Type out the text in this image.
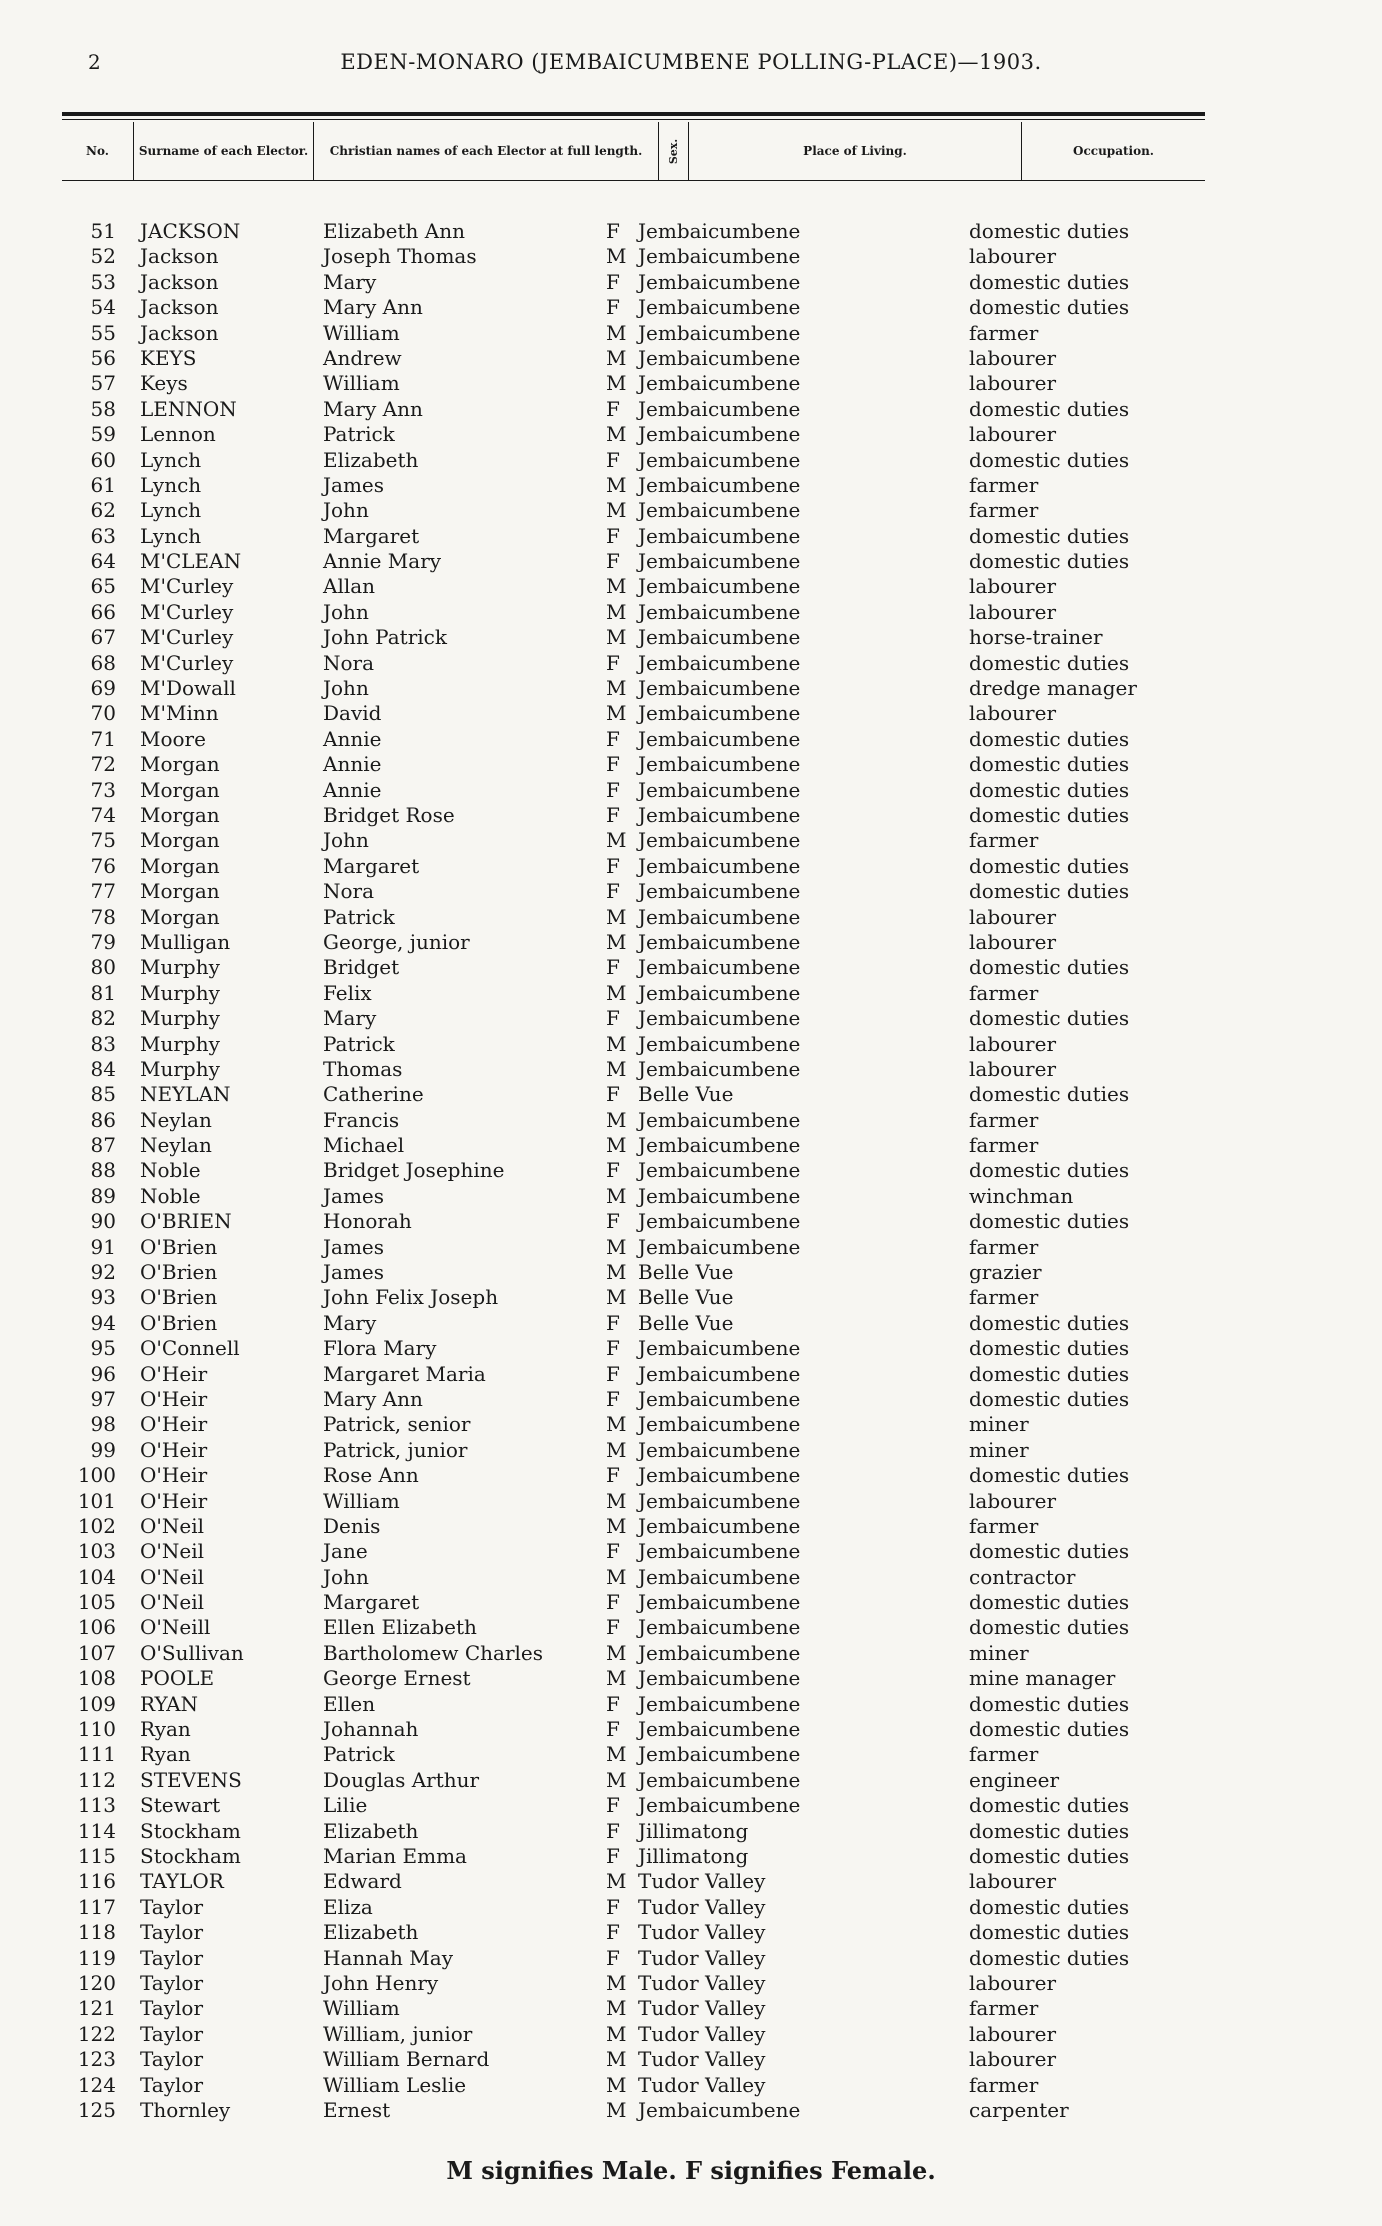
2	EDEN-MONARO (JEMBAICUMBENE POLLING-PLACE)—1903.
No.	Surname of each Elector.	Christian names of each Elector at full length.	Sex.	Place of Living.	Occupation.
51 JACKSON	Elizabeth Ann	F Jembaicumbene	domestic duties
52 Jackson	Joseph Thomas	M Jembaicumbene	labourer
53 Jackson	Mary	F Jembaicumbene	domestic duties
54 Jackson	Mary Ann	F Jembaicumbene	domestic duties
55 Jackson	William	M Jembaicumbene	farmer
56 KEYS	Andrew	M Jembaicumbene	labourer
57 Keys	William	M Jembaicumbene	labourer
58 LENNON	Mary Ann	F Jembaicumbene	domestic duties
59 Lennon	Patrick	M Jembaicumbene	labourer
60 Lynch	Elizabeth	F Jembaicumbene	domestic duties
61 Lynch	James	M Jembaicumbene	farmer
62 Lynch	John	M Jembaicumbene	farmer
63 Lynch	Margaret	F Jembaicumbene	domestic duties
64 M'CLEAN	Annie Mary	F Jembaicumbene	domestic duties
65 M'Curley	Allan	M Jembaicumbene	labourer
66 M'Curley	John	M Jembaicumbene	labourer
67 M'Curley	John Patrick	M Jembaicumbene	horse-trainer
68 M'Curley	Nora	F Jembaicumbene	domestic duties
69 M'Dowall	John	M Jembaicumbene	dredge manager
70 M'Minn	David	M Jembaicumbene	labourer
71 Moore	Annie	F Jembaicumbene	domestic duties
72 Morgan	Annie	F Jembaicumbene	domestic duties
73 Morgan	Annie	F Jembaicumbene	domestic duties
74 Morgan	Bridget Rose	F Jembaicumbene	domestic duties
75 Morgan	John	M Jembaicumbene	farmer
76 Morgan	Margaret	F Jembaicumbene	domestic duties
77 Morgan	Nora	F Jembaicumbene	domestic duties
78 Morgan	Patrick	M Jembaicumbene	labourer
79 Mulligan	George, junior	M Jembaicumbene	labourer
80 Murphy	Bridget	F Jembaicumbene	domestic duties
81 Murphy	Felix	M Jembaicumbene	farmer
82 Murphy	Mary	F Jembaicumbene	domestic duties
83 Murphy	Patrick	M Jembaicumbene	labourer
84 Murphy	Thomas	M Jembaicumbene	labourer
85 NEYLAN	Catherine	F Belle Vue	domestic duties
86 Neylan	Francis	M Jembaicumbene	farmer
87 Neylan	Michael	M Jembaicumbene	farmer
88 Noble	Bridget Josephine	F Jembaicumbene	domestic duties
89 Noble	James	M Jembaicumbene	winchman
90 O'BRIEN	Honorah	F Jembaicumbene	domestic duties
91 O'Brien	James	M Jembaicumbene	farmer
92 O'Brien	James	M Belle Vue	grazier
93 O'Brien	John Felix Joseph	M Belle Vue	farmer
94 O'Brien	Mary	F Belle Vue	domestic duties
95 O'Connell	Flora Mary	F Jembaicumbene	domestic duties
96 O'Heir	Margaret Maria	F Jembaicumbene	domestic duties
97 O'Heir	Mary Ann	F Jembaicumbene	domestic duties
98 O'Heir	Patrick, senior	M Jembaicumbene	miner
99 O'Heir	Patrick, junior	M Jembaicumbene	miner
100 O'Heir	Rose Ann	F Jembaicumbene	domestic duties
101 O'Heir	William	M Jembaicumbene	labourer
102 O'Neil	Denis	M Jembaicumbene	farmer
103 O'Neil	Jane	F Jembaicumbene	domestic duties
104 O'Neil	John	M Jembaicumbene	contractor
105 O'Neil	Margaret	F Jembaicumbene	domestic duties
106 O'Neill	Ellen Elizabeth	F Jembaicumbene	domestic duties
107 O'Sullivan	Bartholomew Charles	M Jembaicumbene	miner
108 POOLE	George Ernest	M Jembaicumbene	mine manager
109 RYAN	Ellen	F Jembaicumbene	domestic duties
110 Ryan	Johannah	F Jembaicumbene	domestic duties
111 Ryan	Patrick	M Jembaicumbene	farmer
112 STEVENS	Douglas Arthur	M Jembaicumbene	engineer
113 Stewart	Lilie	F Jembaicumbene	domestic duties
114 Stockham	Elizabeth	F Jillimatong	domestic duties
115 Stockham	Marian Emma	F Jillimatong	domestic duties
116 TAYLOR	Edward	M Tudor Valley	labourer
117 Taylor	Eliza	F Tudor Valley	domestic duties
118 Taylor	Elizabeth	F Tudor Valley	domestic duties
119 Taylor	Hannah May	F Tudor Valley	domestic duties
120 Taylor	John Henry	M Tudor Valley	labourer
121 Taylor	William	M Tudor Valley	farmer
122 Taylor	William, junior	M Tudor Valley	labourer
123 Taylor	William Bernard	M Tudor Valley	labourer
124 Taylor	William Leslie	M Tudor Valley	farmer
125 Thornley	Ernest	M Jembaicumbene	carpenter
M signifies Male. F signifies Female.
